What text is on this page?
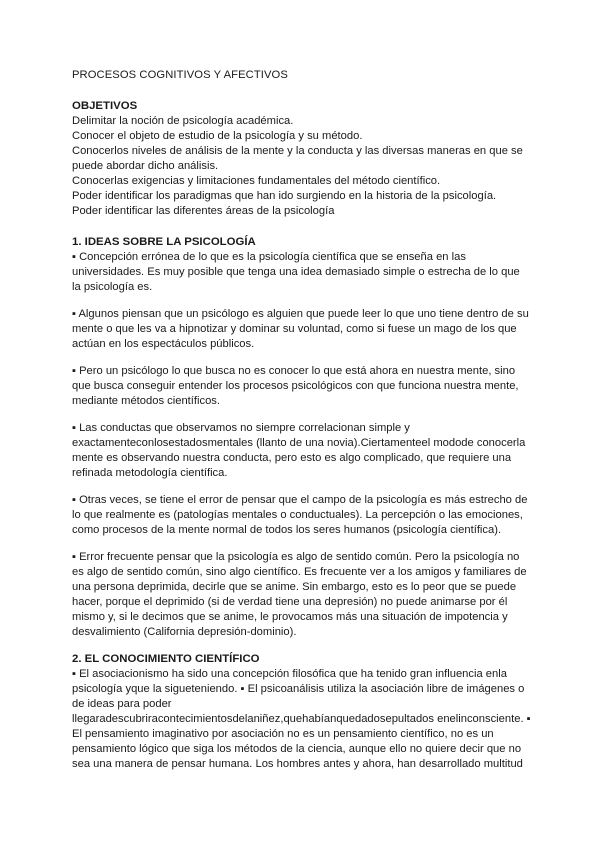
PROCESOS COGNITIVOS Y AFECTIVOS

OBJETIVOS

Delimitar la noción de psicología académica.

Conocer el objeto de estudio de la psicología y su método.

Conocerlos niveles de análisis de la mente y la conducta y las diversas maneras en que se

puede abordar dicho análisis.

Conocerlas exigencias y limitaciones fundamentales del método científico.

Poder identificar los paradigmas que han ido surgiendo en la historia de la psicología.

Poder identificar las diferentes áreas de la psicología

1. IDEAS SOBRE LA PSICOLOGÍA

▪ Concepción errónea de lo que es la psicología científica que se enseña en las

universidades. Es muy posible que tenga una idea demasiado simple o estrecha de lo que

la psicología es.

▪ Algunos piensan que un psicólogo es alguien que puede leer lo que uno tiene dentro de su

mente o que les va a hipnotizar y dominar su voluntad, como si fuese un mago de los que

actúan en los espectáculos públicos.

▪ Pero un psicólogo lo que busca no es conocer lo que está ahora en nuestra mente, sino

que busca conseguir entender los procesos psicológicos con que funciona nuestra mente,

mediante métodos científicos.

▪ Las conductas que observamos no siempre correlacionan simple y

exactamenteconlosestadosmentales (llanto de una novia).Ciertamenteel modode conocerla

mente es observando nuestra conducta, pero esto es algo complicado, que requiere una

refinada metodología científica.

▪ Otras veces, se tiene el error de pensar que el campo de la psicología es más estrecho de

lo que realmente es (patologías mentales o conductuales). La percepción o las emociones,

como procesos de la mente normal de todos los seres humanos (psicología científica).

▪ Error frecuente pensar que la psicología es algo de sentido común. Pero la psicología no

es algo de sentido común, sino algo científico. Es frecuente ver a los amigos y familiares de

una persona deprimida, decirle que se anime. Sin embargo, esto es lo peor que se puede

hacer, porque el deprimido (si de verdad tiene una depresión) no puede animarse por él

mismo y, si le decimos que se anime, le provocamos más una situación de impotencia y

desvalimiento (California depresión-dominio).

2. EL CONOCIMIENTO CIENTÍFICO

▪ El asociacionismo ha sido una concepción filosófica que ha tenido gran influencia enla

psicología yque la sigueteniendo. ▪ El psicoanálisis utiliza la asociación libre de imágenes o

de ideas para poder

llegaradescubriracontecimientosdelaniñez,quehabíanquedadosepultados enelinconsciente. ▪

El pensamiento imaginativo por asociación no es un pensamiento científico, no es un

pensamiento lógico que siga los métodos de la ciencia, aunque ello no quiere decir que no

sea una manera de pensar humana. Los hombres antes y ahora, han desarrollado multitud
